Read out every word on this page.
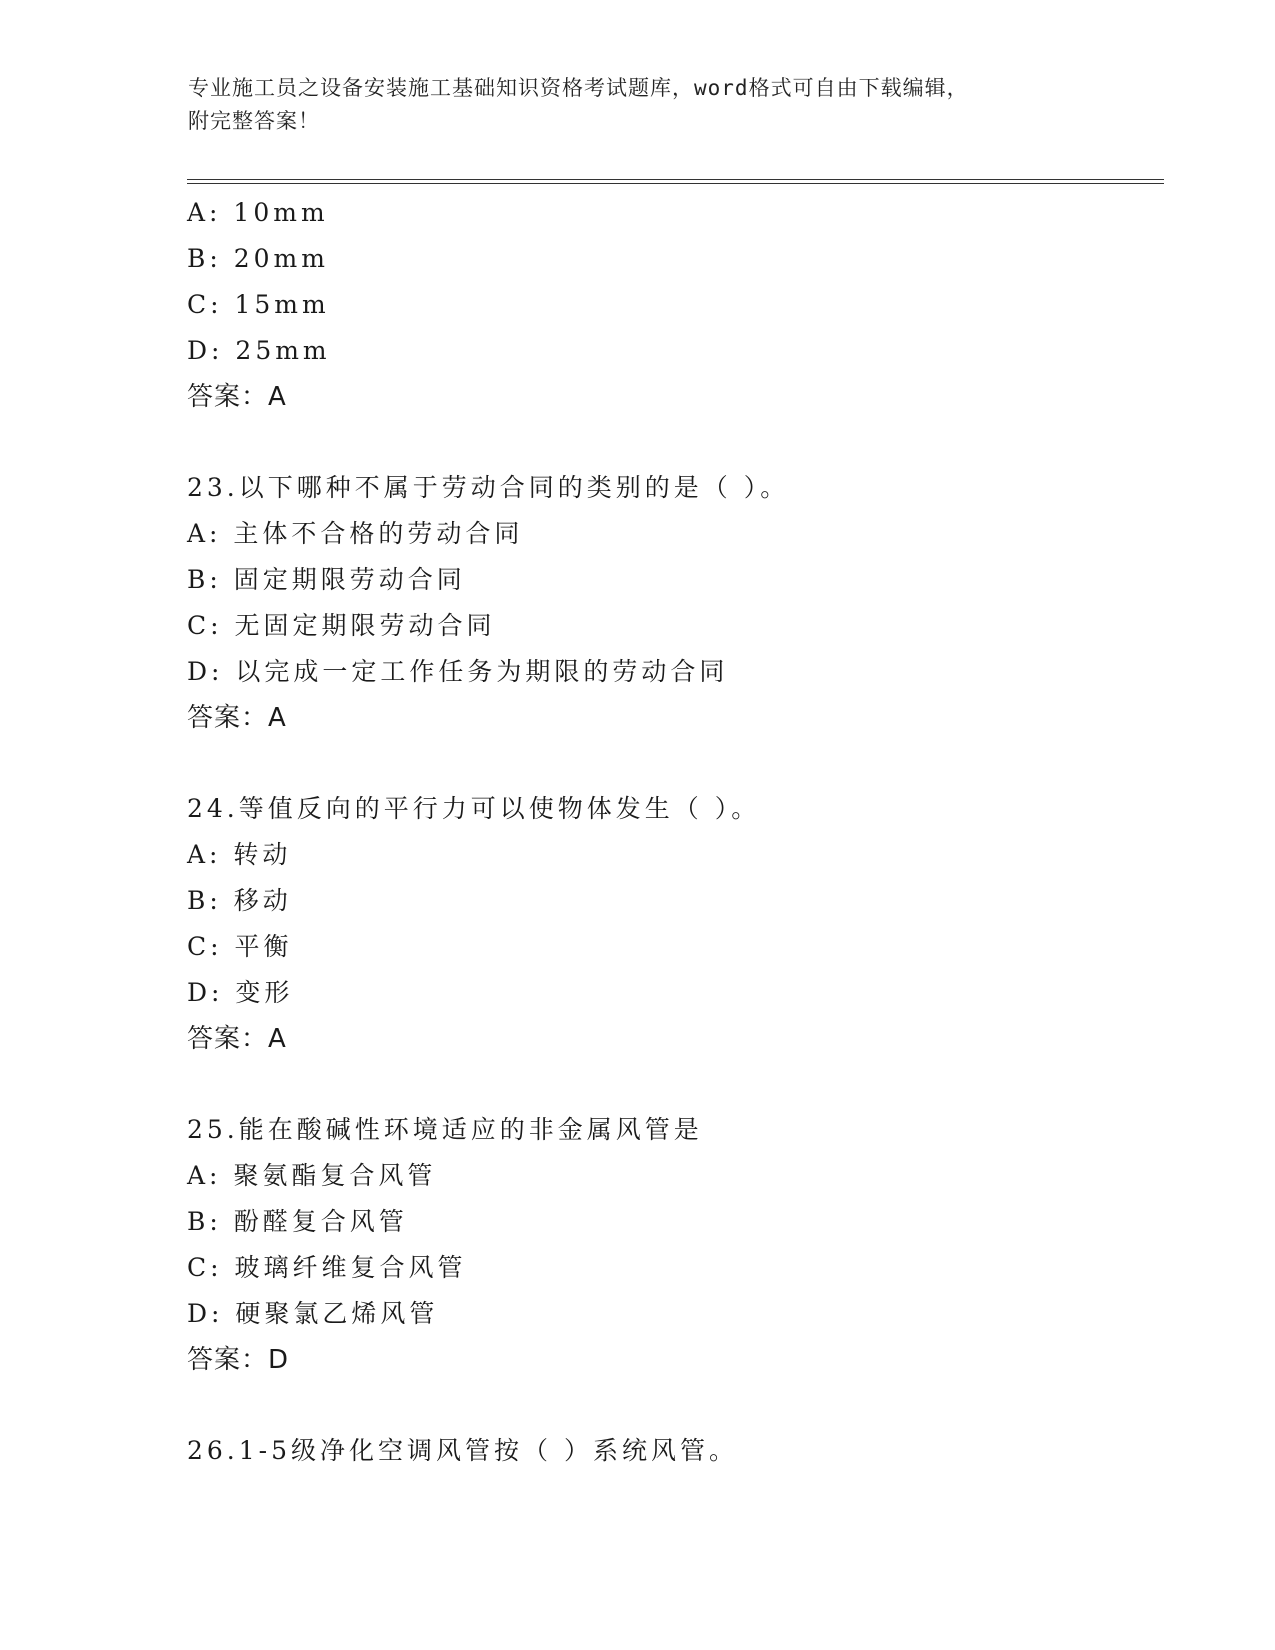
专业施工员之设备安装施工基础知识资格考试题库，word格式可自由下载编辑，
附完整答案！
A: 10mm
B: 20mm
C: 15mm
D: 25mm
答案：A
23.以下哪种不属于劳动合同的类别的是（ ）。
A: 主体不合格的劳动合同
B: 固定期限劳动合同
C: 无固定期限劳动合同
D: 以完成一定工作任务为期限的劳动合同
答案：A
24.等值反向的平行力可以使物体发生（ ）。
A: 转动
B: 移动
C: 平衡
D: 变形
答案：A
25.能在酸碱性环境适应的非金属风管是
A: 聚氨酯复合风管
B: 酚醛复合风管
C: 玻璃纤维复合风管
D: 硬聚氯乙烯风管
答案：D
26.1-5级净化空调风管按（ ）系统风管。
